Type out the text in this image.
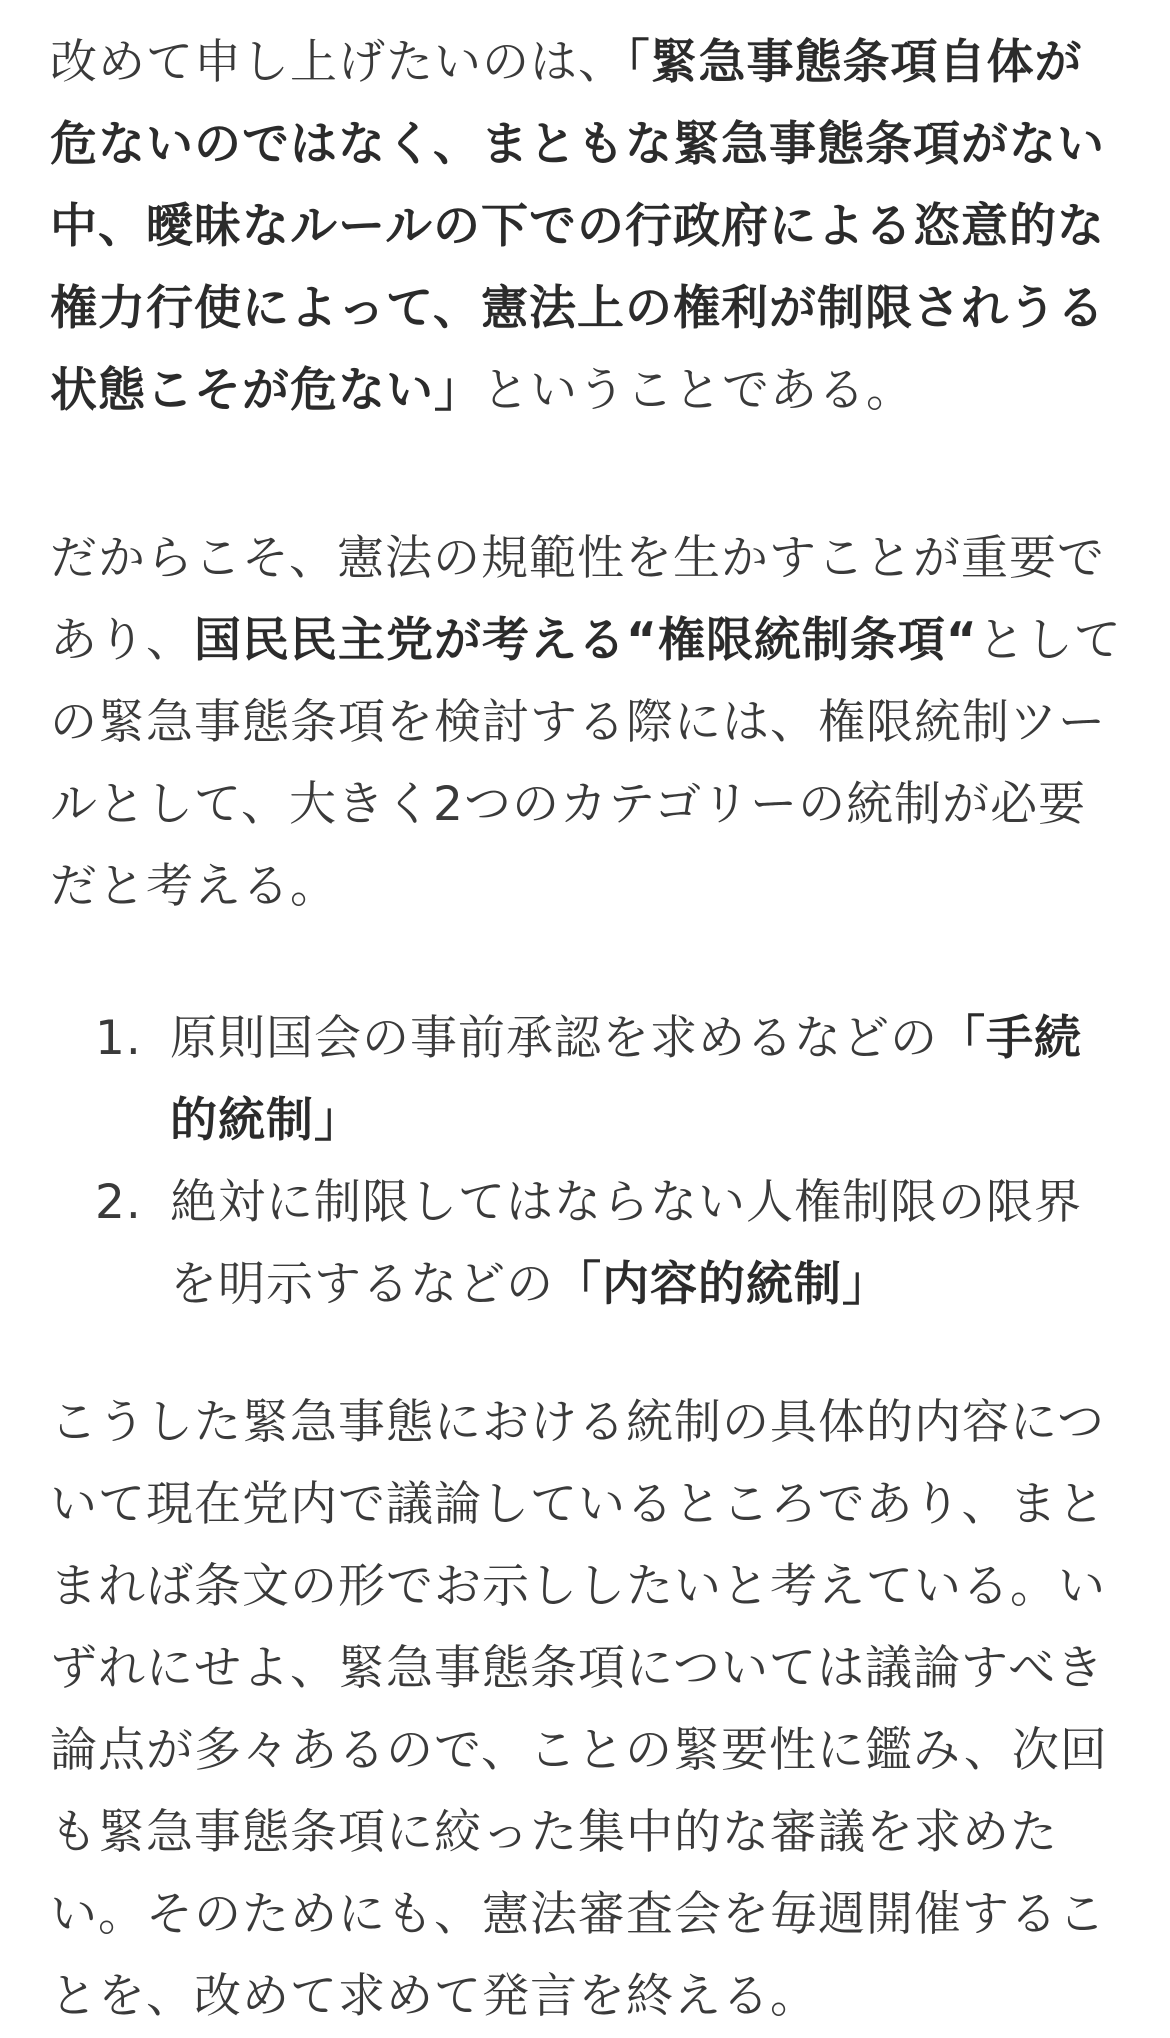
改めて申し上げたいのは、「緊急事態条項自体が危ないのではなく、まともな緊急事態条項がない中、曖昧なルールの下での行政府による恣意的な権力行使によって、憲法上の権利が制限されうる状態こそが危ない」ということである。

だからこそ、憲法の規範性を生かすことが重要であり、国民民主党が考える“権限統制条項“としての緊急事態条項を検討する際には、権限統制ツールとして、大きく2つのカテゴリーの統制が必要だと考える。

1. 原則国会の事前承認を求めるなどの「手続的統制」
2. 絶対に制限してはならない人権制限の限界を明示するなどの「内容的統制」

こうした緊急事態における統制の具体的内容について現在党内で議論しているところであり、まとまれば条文の形でお示ししたいと考えている。いずれにせよ、緊急事態条項については議論すべき論点が多々あるので、ことの緊要性に鑑み、次回も緊急事態条項に絞った集中的な審議を求めたい。そのためにも、憲法審査会を毎週開催することを、改めて求めて発言を終える。
